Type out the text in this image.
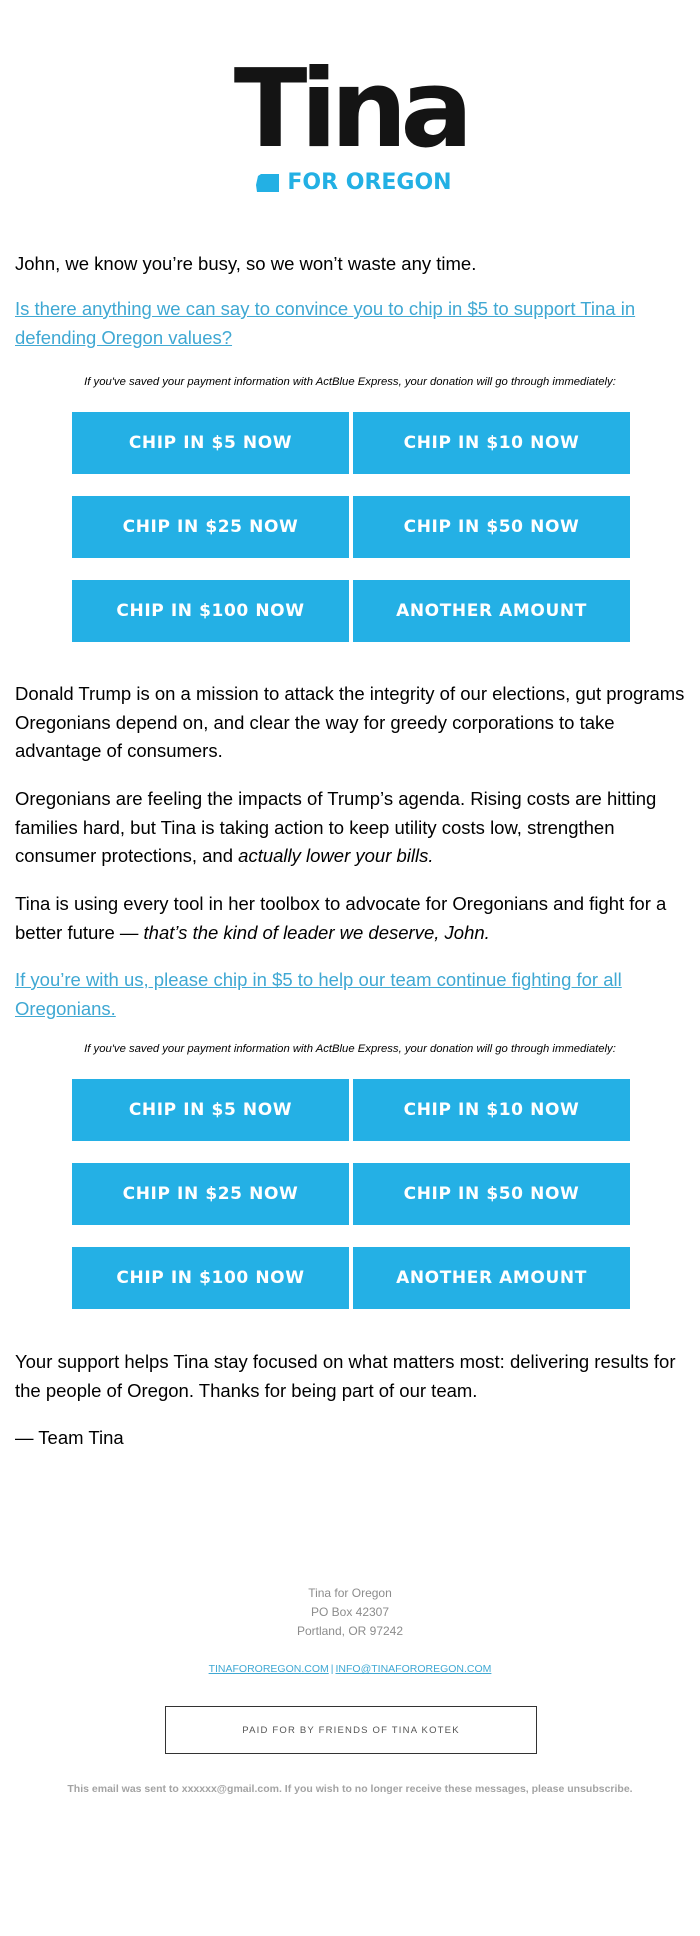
Tina
FOR OREGON
John, we know you’re busy, so we won’t waste any time.
Is there anything we can say to convince you to chip in $5 to support Tina in defending Oregon values?
If you've saved your payment information with ActBlue Express, your donation will go through immediately:
CHIP IN $5 NOW	CHIP IN $10 NOW
CHIP IN $25 NOW	CHIP IN $50 NOW
CHIP IN $100 NOW	ANOTHER AMOUNT
Donald Trump is on a mission to attack the integrity of our elections, gut programs Oregonians depend on, and clear the way for greedy corporations to take advantage of consumers.
Oregonians are feeling the impacts of Trump’s agenda. Rising costs are hitting families hard, but Tina is taking action to keep utility costs low, strengthen consumer protections, and actually lower your bills.
Tina is using every tool in her toolbox to advocate for Oregonians and fight for a better future — that’s the kind of leader we deserve, John.
If you’re with us, please chip in $5 to help our team continue fighting for all Oregonians.
If you've saved your payment information with ActBlue Express, your donation will go through immediately:
CHIP IN $5 NOW	CHIP IN $10 NOW
CHIP IN $25 NOW	CHIP IN $50 NOW
CHIP IN $100 NOW	ANOTHER AMOUNT
Your support helps Tina stay focused on what matters most: delivering results for the people of Oregon. Thanks for being part of our team.
— Team Tina
Tina for Oregon
PO Box 42307
Portland, OR 97242
TINAFOROREGON.COM | INFO@TINAFOROREGON.COM
PAID FOR BY FRIENDS OF TINA KOTEK
This email was sent to xxxxxx@gmail.com. If you wish to no longer receive these messages, please unsubscribe.
